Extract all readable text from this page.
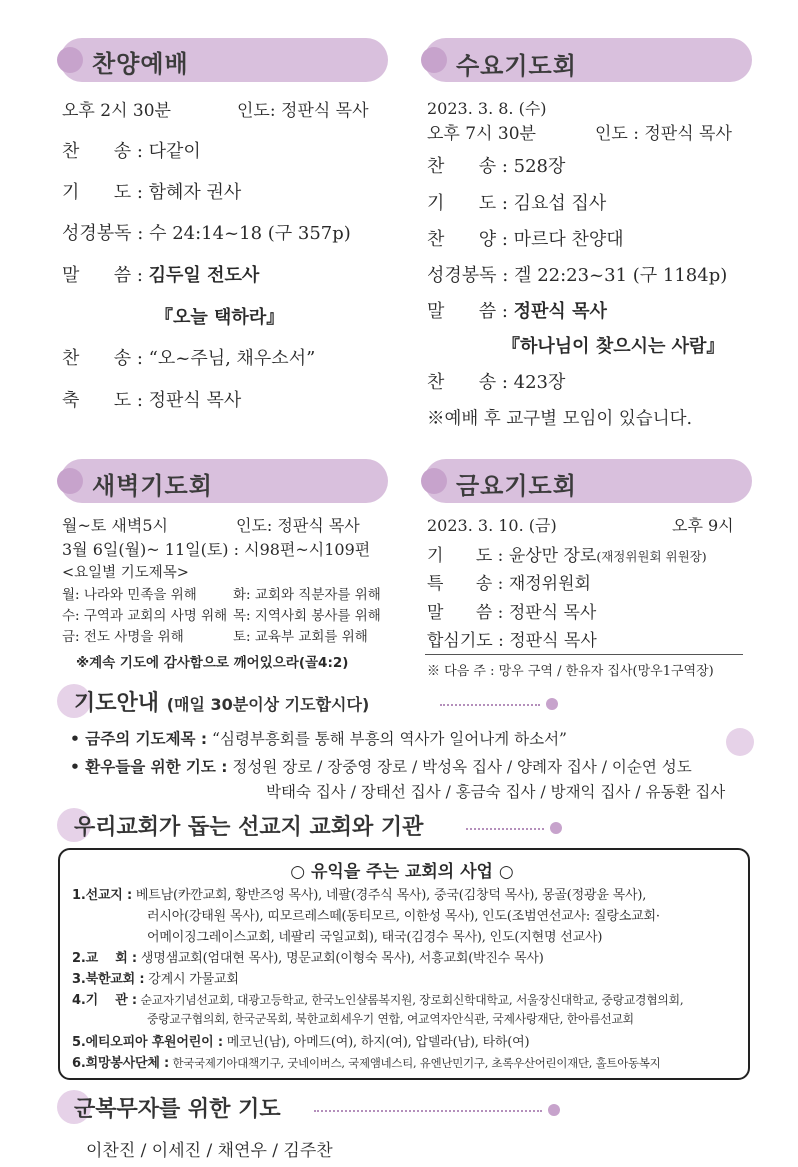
찬양예배
오후 2시 30분	인도: 정판식 목사
찬      송 : 다같이
기      도 : 함혜자 권사
성경봉독 : 수 24:14~18 (구 357p)
말      씀 : 김두일 전도사
『오늘 택하라』
찬      송 : “오~주님, 채우소서”
축      도 : 정판식 목사
수요기도회
2023. 3. 8. (수)
오후 7시 30분	인도 : 정판식 목사
찬      송 : 528장
기      도 : 김요섭 집사
찬      양 : 마르다 찬양대
성경봉독 : 겔 22:23~31 (구 1184p)
말      씀 : 정판식 목사
『하나님이 찾으시는 사람』
찬      송 : 423장
※예배 후 교구별 모임이 있습니다.
새벽기도회
월~토 새벽5시	인도: 정판식 목사
3월 6일(월)~ 11일(토) : 시98편~시109편
<요일별 기도제목>
월: 나라와 민족을 위해	화: 교회와 직분자를 위해
수: 구역과 교회의 사명 위해 목: 지역사회 봉사를 위해
금: 전도 사명을 위해	토: 교육부 교회를 위해
※계속 기도에 감사함으로 깨어있으라(골4:2)
금요기도회
2023. 3. 10. (금)	오후 9시
기      도 : 윤상만 장로(재정위원회 위원장)
특      송 : 재정위원회
말      씀 : 정판식 목사
합심기도 : 정판식 목사
※ 다음 주 : 망우 구역 / 한유자 집사(망우1구역장)
기도안내 (매일 30분이상 기도합시다)
• 금주의 기도제목 : “심령부흥회를 통해 부흥의 역사가 일어나게 하소서”
• 환우들을 위한 기도 : 정성원 장로 / 장중영 장로 / 박성옥 집사 / 양례자 집사 / 이순연 성도
박태숙 집사 / 장태선 집사 / 홍금숙 집사 / 방재익 집사 / 유동환 집사
우리교회가 돕는 선교지 교회와 기관
○ 유익을 주는 교회의 사업 ○
1.선교지 : 베트남(카깐교회, 황반즈엉 목사), 네팔(경주식 목사), 중국(김창덕 목사), 몽골(정광윤 목사),
러시아(강태원 목사), 띠모르레스떼(동티모르, 이한성 목사), 인도(조범연선교사: 질랑소교회·
어메이징그레이스교회, 네팔리 국일교회), 태국(김경수 목사), 인도(지현명 선교사)
2.교    회 : 생명샘교회(엄대현 목사), 명문교회(이형숙 목사), 서흥교회(박진수 목사)
3.북한교회 : 강계시 가물교회
4.기    관 : 순교자기념선교회, 대광고등학교, 한국노인샬롬복지원, 장로회신학대학교, 서울장신대학교, 중랑교경협의회,
중랑교구협의회, 한국군목회, 북한교회세우기 연합, 여교역자안식관, 국제사랑재단, 한아름선교회
5.에티오피아 후원어린이 : 메코닌(남), 아메드(여), 하지(여), 압델라(남), 타하(여)
6.희망봉사단체 : 한국국제기아대책기구, 굿네이버스, 국제앰네스티, 유엔난민기구, 초록우산어린이재단, 홀트아동복지
군복무자를 위한 기도
이찬진 / 이세진 / 채연우 / 김주찬
